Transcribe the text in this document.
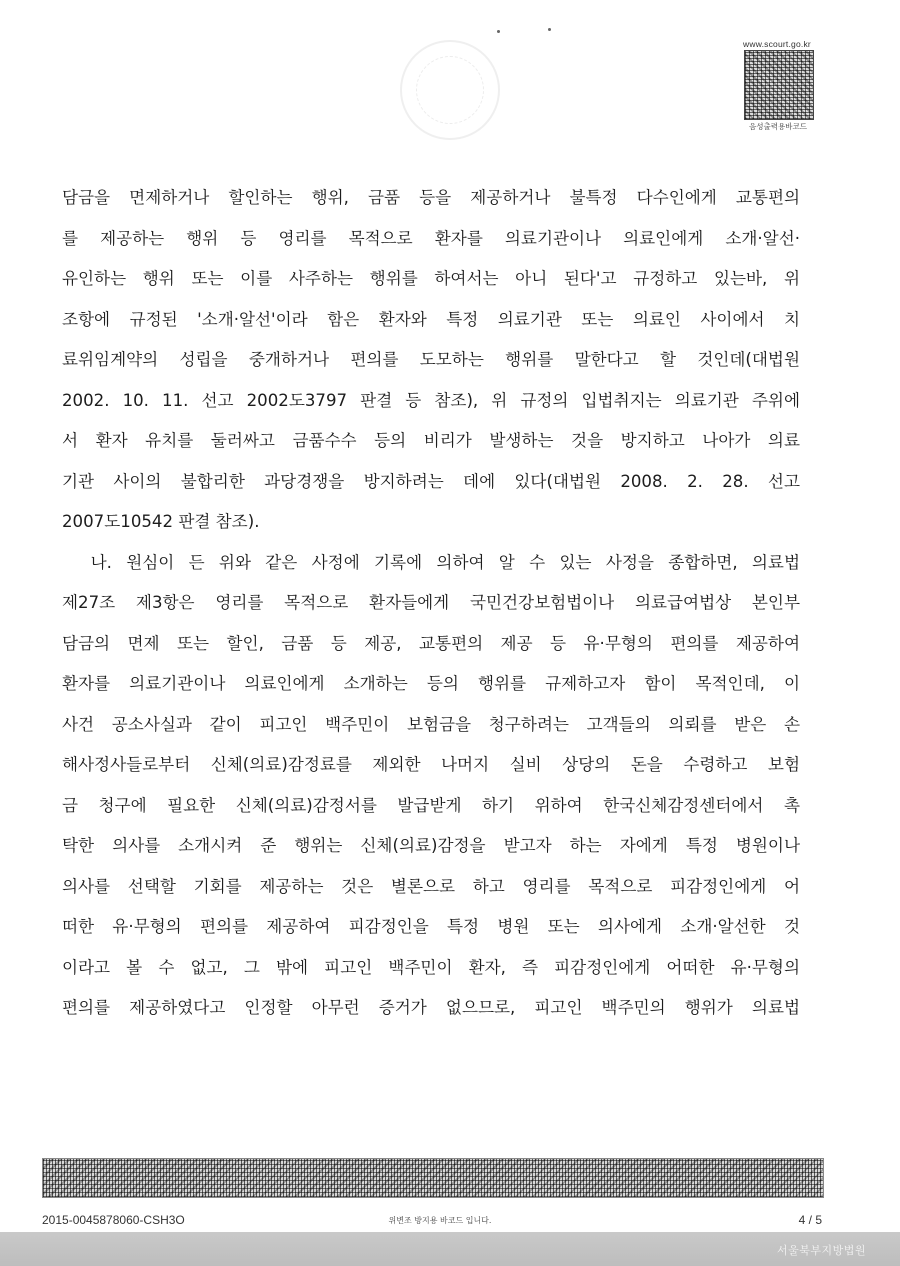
www.scourt.go.kr
음성출력용바코드
담금을 면제하거나 할인하는 행위, 금품 등을 제공하거나 불특정 다수인에게 교통편의
를 제공하는 행위 등 영리를 목적으로 환자를 의료기관이나 의료인에게 소개·알선·
유인하는 행위 또는 이를 사주하는 행위를 하여서는 아니 된다'고 규정하고 있는바, 위
조항에 규정된 '소개·알선'이라 함은 환자와 특정 의료기관 또는 의료인 사이에서 치
료위임계약의 성립을 중개하거나 편의를 도모하는 행위를 말한다고 할 것인데(대법원
2002. 10. 11. 선고 2002도3797 판결 등 참조), 위 규정의 입법취지는 의료기관 주위에
서 환자 유치를 둘러싸고 금품수수 등의 비리가 발생하는 것을 방지하고 나아가 의료
기관 사이의 불합리한 과당경쟁을 방지하려는 데에 있다(대법원 2008. 2. 28. 선고
2007도10542 판결 참조).
나. 원심이 든 위와 같은 사정에 기록에 의하여 알 수 있는 사정을 종합하면, 의료법
제27조 제3항은 영리를 목적으로 환자들에게 국민건강보험법이나 의료급여법상 본인부
담금의 면제 또는 할인, 금품 등 제공, 교통편의 제공 등 유·무형의 편의를 제공하여
환자를 의료기관이나 의료인에게 소개하는 등의 행위를 규제하고자 함이 목적인데, 이
사건 공소사실과 같이 피고인 백주민이 보험금을 청구하려는 고객들의 의뢰를 받은 손
해사정사들로부터 신체(의료)감정료를 제외한 나머지 실비 상당의 돈을 수령하고 보험
금 청구에 필요한 신체(의료)감정서를 발급받게 하기 위하여 한국신체감정센터에서 촉
탁한 의사를 소개시켜 준 행위는 신체(의료)감정을 받고자 하는 자에게 특정 병원이나
의사를 선택할 기회를 제공하는 것은 별론으로 하고 영리를 목적으로 피감정인에게 어
떠한 유·무형의 편의를 제공하여 피감정인을 특정 병원 또는 의사에게 소개·알선한 것
이라고 볼 수 없고, 그 밖에 피고인 백주민이 환자, 즉 피감정인에게 어떠한 유·무형의
편의를 제공하였다고 인정할 아무런 증거가 없으므로, 피고인 백주민의 행위가 의료법
2015-0045878060-CSH3O	위변조 방지용 바코드 입니다.	4 / 5
서울북부지방법원
